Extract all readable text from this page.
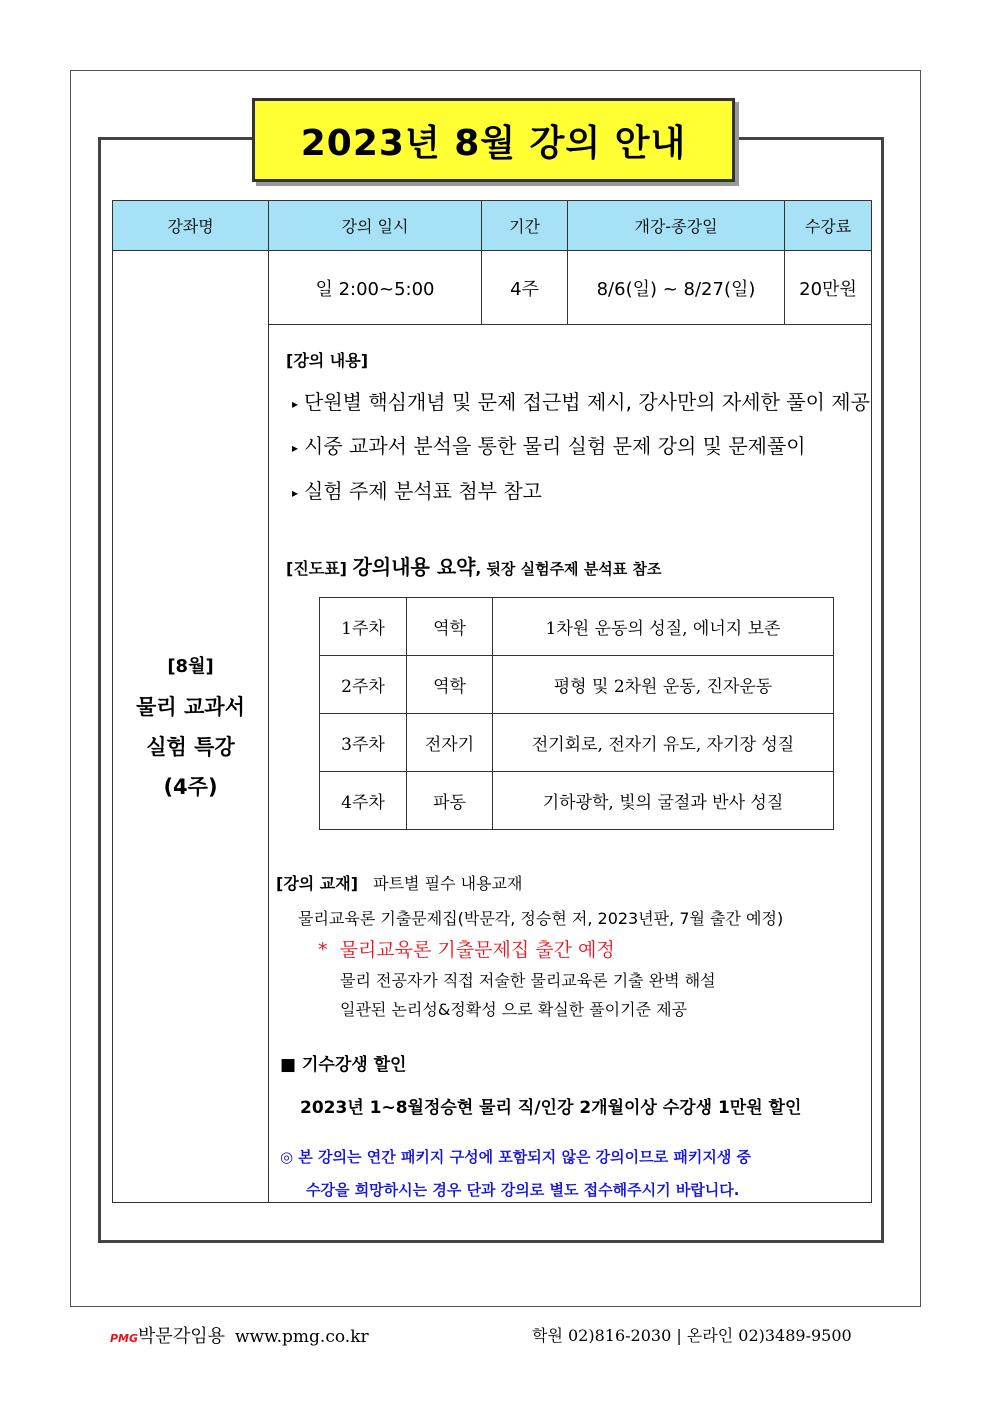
2023년 8월 강의 안내
강좌명	강의 일시	기간	개강-종강일	수강료

[8월]
물리 교과서
실험 특강
(4주)
	일 2:00~5:00	4주	8/6(일) ~ 8/27(일)	20만원

[강의 내용]
▸ 단원별 핵심개념 및 문제 접근법 제시, 강사만의 자세한 풀이 제공
▸ 시중 교과서 분석을 통한 물리 실험 문제 강의 및 문제풀이
▸ 실험 주제 분석표 첨부 참고
[진도표] 강의내용 요약, 뒷장 실험주제 분석표 참조
1주차	역학	1차원 운동의 성질, 에너지 보존
2주차	역학	평형 및 2차원 운동, 진자운동
3주차	전자기	전기회로, 전자기 유도, 자기장 성질
4주차	파동	기하광학, 빛의 굴절과 반사 성질
[강의 교재] 파트별 필수 내용교재
물리교육론 기출문제집(박문각, 정승현 저, 2023년판, 7월 출간 예정)
* 물리교육론 기출문제집 출간 예정
물리 전공자가 직접 저술한 물리교육론 기출 완벽 해설
일관된 논리성&정확성 으로 확실한 풀이기준 제공
■ 기수강생 할인
2023년 1~8월정승현 물리 직/인강 2개월이상 수강생 1만원 할인
◎ 본 강의는 연간 패키지 구성에 포함되지 않은 강의이므로 패키지생 중
수강을 희망하시는 경우 단과 강의로 별도 접수해주시기 바랍니다.
PMG박문각임용 www.pmg.co.kr	학원 02)816-2030 | 온라인 02)3489-9500
